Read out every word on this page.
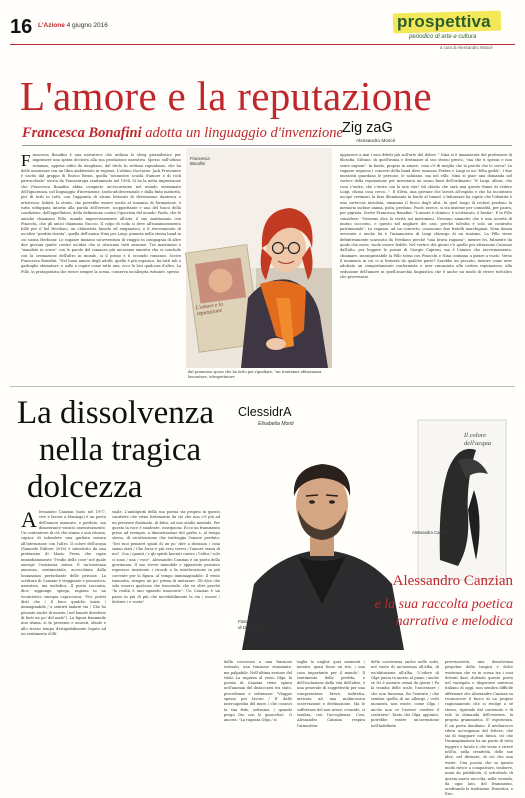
16 L'Azione 4 giugno 2016	prospettiva
periodico di arte e cultura
a cura di Alessandro Moscè
L'amore e la reputazione
Francesca Bonafini adotta un linguaggio d'invenzione Zig zaG
Alessandro Moscè
F rancesca Bonafini è una narratrice che utilizza lo sleeg giornalistico per imprimere una spinta decisiva alla sua produzione narrativa. Spesso sull'ultimo romanzo, appena edito da Avagliano, dal titolo In settima rapsodiano, che ha delle assonanze con un libro ambientato in regione, L'ultimo Nocturne: Jack Frusciante è uscito dal gruppo di Enrico Brizzi, quella "neonostro scuola d'amore e di rock parrocchiale" uscita da Transeuropa esattamente nel 1994. Si ha la netta impressione che Francesca Bonafini abbia compiuto un'escursione nel mondo sterminato dell'ignoranza, nel linguaggio d'invenzione, tardo-adolescenziale e dalla finta maturità, pur di tutti in tutti, con l'aggiunta di alcuni lettorati di derivazione dantesca e artistesca. Infatti, la storia, che potrebbe essere uscita al romanzo di formazione, è tutta sviluppata intorno alla parola dell'errore, scoppiettante e una del fuoco della condizione, dell'appellativo, della definizione contro l'ipocrisia del mondo. Paola, che le amiche chiamano Pillo, manda improvvisamente all'aria il suo matrimonio con Pinocchi, che gli amici chiamano Nuccio. Il colpo di coda si deve all'innamoramento folle per il bel Hevilano, un chitarrista biondo ed enigmatico, e il ritrovamento di un'altra "perdita dorata", quella dell'amica Nina per Luigi, pianista nella stessa band in cui suona Herbiour. Le ragazze iniziano un'avventura di viaggio in compagnia di altre due giovani quiete contro un'idea che si ritrovano tutti assieme. Tra matrimoni e "mandate in scuro" con le parole del romanzo più un'azione emotiva che si conclude con la cremazione dell'altro in mondo, si il primo e il secondo romanzo. Scrive Francesca Bonafini: "Nel buon amore degli adulti, quello è più organico, ha tutti tali o garbuglie sfumature, e sullo a cupire come tutte una, ecco le luci qualcosa d'altro. La Pillo, la protagonista che riesce sempre la scena, conserva un'allegria ruttante, spesso
Francesca Bonafini
L'amore e la reputazione
dal promesso sposo che ha fatto per ripudiare, "un trentenne abbastanza lavoratore, telespettatore
apparisce a mai i suoi difetti più sull'arte del dolore " Nina si è innamorata del professore di filosofia, Silvano, di quell'ironia e destinaire al suo stesso presto, "ma che ti spezza e non sente ragioni". In fondo, proprio in amore, cosa c'è di meglio che la parola che lo cerca? Le ragazze seguono i concerti della band dove suonano Forbes e Luigi in un "fella gaibù". I due musicisti guardano le persone, le salutano, ma nel villo. Nina si pone una domanda nel vortice della reputazione per inventarsi un senso fuori dell'ordinario: "E Luigi, allora, che cosa c'entra, che c'entra con la mia vita? Mi chiedo che sarà mai questo fiume di vedere Luigi, chissà cosa cerco...". E Silvia, una giovane che lavora all'ospizio e che ha incontrato un'ope cerimoni, la fuse illuminante in fondo al tunnel. L'informare ha capito che l'identità è una corteccia inviolata, emanano il fuoco dagli altri. In quel luogo di reclusi perdono la memoria incluse anima, pista, perdono. Fuori, invece, si sta insieme per comodità, per paura, per pigrizia. Scrive Francesca Bonafini: "L'amore è chimico, è scritturato, è bestia". E la Pillo considera: "Nessuno dice la verità sui matrimoni. Nessuno ammette che è una società di mutuo soccorso, e questo nel migliore dei casi, perché talvolta è solo un contratto patrimoniale". Le ragazze, ad un concerto, conoscono due fratelli marchigiani. Nina donna avvenute e anche lui è l'innamorato di Luigi chirurgo di un tunisino. La Pillo viene definitivamente scaricata da Hevilano perché "una brava ragazza", mentre lei, fulmente da quale che mese, vuole essere fedele. Nel vortice dei giorni c'è quello per attrazione Caronno dall'alto, per leggere le poesie di Giorgio Caproni, ma è l'amore che ravvicinamento, chiamare, inconquistabile la Pillo torna con Pinocchi e Nina continua a girare a vuoto. Verso il momento in cui ci si fermerà da qualche parte? Sarebbe un peccato, mentre come aver adottato un comportamento conformista e aver rinunciato alla cattiva reputazione, alla seduzione dell'amore in quell'anarchia linguistica che è anche un modo di vivere tutt'altro che provvisorio.
La dissolvenza
nella tragica
dolcezza
ClessidrA
Elisabetta Monti
A lessandro Canzian (nato nel 1977, vive e lavora a Maniago) è un poeta dell'amore mancato, e perduto, ma dimostrante vissuto ossessivamente. Un contenitore di ciò che stuma e non ritorna, capace di infondere una garbata misura all'interazione con l'altro. Il colore dell'acqua (Samuele Editore 2016) è introdotto da una prefazione di Mario Fresa che capta immediatamente "l'esilio delle cose" nel quale emerge l'esistenza intera. E un'esistenza amorosa, sentimentale, accecchiata dalla lontananza perturbante delle persone. La scrittura di Canzian è viaggiante e prosastica, narrativa, ma melodica. Il poeta racconta, dice, aggiunge, spiega, ragiona in un tecnicistico sinequa capricciosa: "Poi, potrei dirti che / il buco qualche inizio / immaginabile / a sentirti andare via / Che ho pensato anche di morire / nel banale desiderio di farti un po' del male"). La figura femminile non sfuma, si fa presente e assenti, ideale e allo stesso tempo d'istiguibilmente legate ad un sentimento d'illi-
suale. L'ambiguità della sua poesia sta proprio in questo carattere che viene fortemente da ciò che non c'è più ad un presente destinato, di fatto, ad uno stadio mentale. Per questo la voce è suadente, ossequiosa. Ecco un frammento preso ad esempio, a dimostrazione del garbo e, al tempo stesso, di un'attenzione che tratteggia l'amore perduto: "Dei tuoi pensieri spinti di un po' dire a distanza / cosa siamo stati / Che forse è più vero vorrei / l'amore senza di noi". Con / quanti / e gli spiriti lasciati contro / l'altra / solo ci sono / una / voce". Alessandro Canzian è un poeta della giovinezza. Il suo vivere immobile e apparente pensiero esperisce insistente i ricordi o fa interlocuzione in più corrente per la figura, al tempo inimmaginabile. Il vento tramonta, sempre un po' prima di maturare. Gli dice che solo esserci qualcosa che trascende, che va oltre perché "la realtà è uno sguardo innocente". Un Canzian è un passo in più di più che inevitabilmente la via / essere / dolente / e vuota".
Foto
di Dino Ignani
Il colore
dell'acqua
Alessandro Canzian
Alessandro Canzian
e la sua raccolta poetica
narrativa e melodica
della coscienza a una funzione testuale, una funzione straniante, ma palpabile. Nell'ultima sezione del titolo La ragazza al verso Olga, la poesia di Canzian viene spinta nell'anomia del distaccarsi tra stato, precedenze e settimane: "Viaggio spesso per lavoro / E' dalle intercapedini del muro / che conosci la sua fede, sottrame, / quando prega Dio con le ginocchia". O ancora: "La ragazza Olga / si
taglia le unghie quei momenti / mentre, quasi fosse un rito, / una cosa importante per il mondo". Il sentimento della perdita, e dell'esclusione dalla vita dell'altro, è una generale di soggettività per una comprensione breve, indiretta, arrivata ad una malinconica osservazione e destinazione. Ma le sofferenze del non avere, coincide, ci sembra, con l'accoglienza. Così, Alessandro Canzian respira l'atmosfera
della convivenza anche nelle notti, nel vuoto di un'assenza all'alba, di un'abitazione all'alba. "L'odore di Olga passa in mezzo al piano / anche se lei è assente ormai da giorni / Fa la tromba delle scale, l'ascensore / che non funziona, fin l'entrata / che sembra quella di un albergo / certi momenti, non esiste, come Olga / anche non ce l'avesse credere il contrario". Tanto che Olga, appunto, potrebbe essere un'invenzione nell'indefinita
provvisorietà, una dissolvenza perpetua della tragica e dolce esistenza che va in scena tra i suoi dolenti dazi, dolendo questo poeta nel variegato e dispersivo universo italiano di oggi, non sembra difficile affermare che Alessandro Canzian sa riconoscere il fuoco di un proprio ragionamento che si rivolge a sé stesso, riprende dal contenuto e di tale la domanda dell'esistere, la propria grammatica. E' esperienza. E un poeta dandiano. Il neobarocco rileva un'esigenza del lettore, che sia di viaggiare con fatica, ciò che l'immaginazione ha un punto di vista leggero e lucido e che viene a vivere nell'io, nella creatività, delle sue idee, nel divenire, di ciò che non esiste. Una poesia che in questo modo riesce a conquistare, tradurre, nomi da pubblicità, il sottotitolo di questa nuova raccolta, nella vicenda, da ogni lato, del frammento, ereditando la tradizione, Ermetica, e Eric.
